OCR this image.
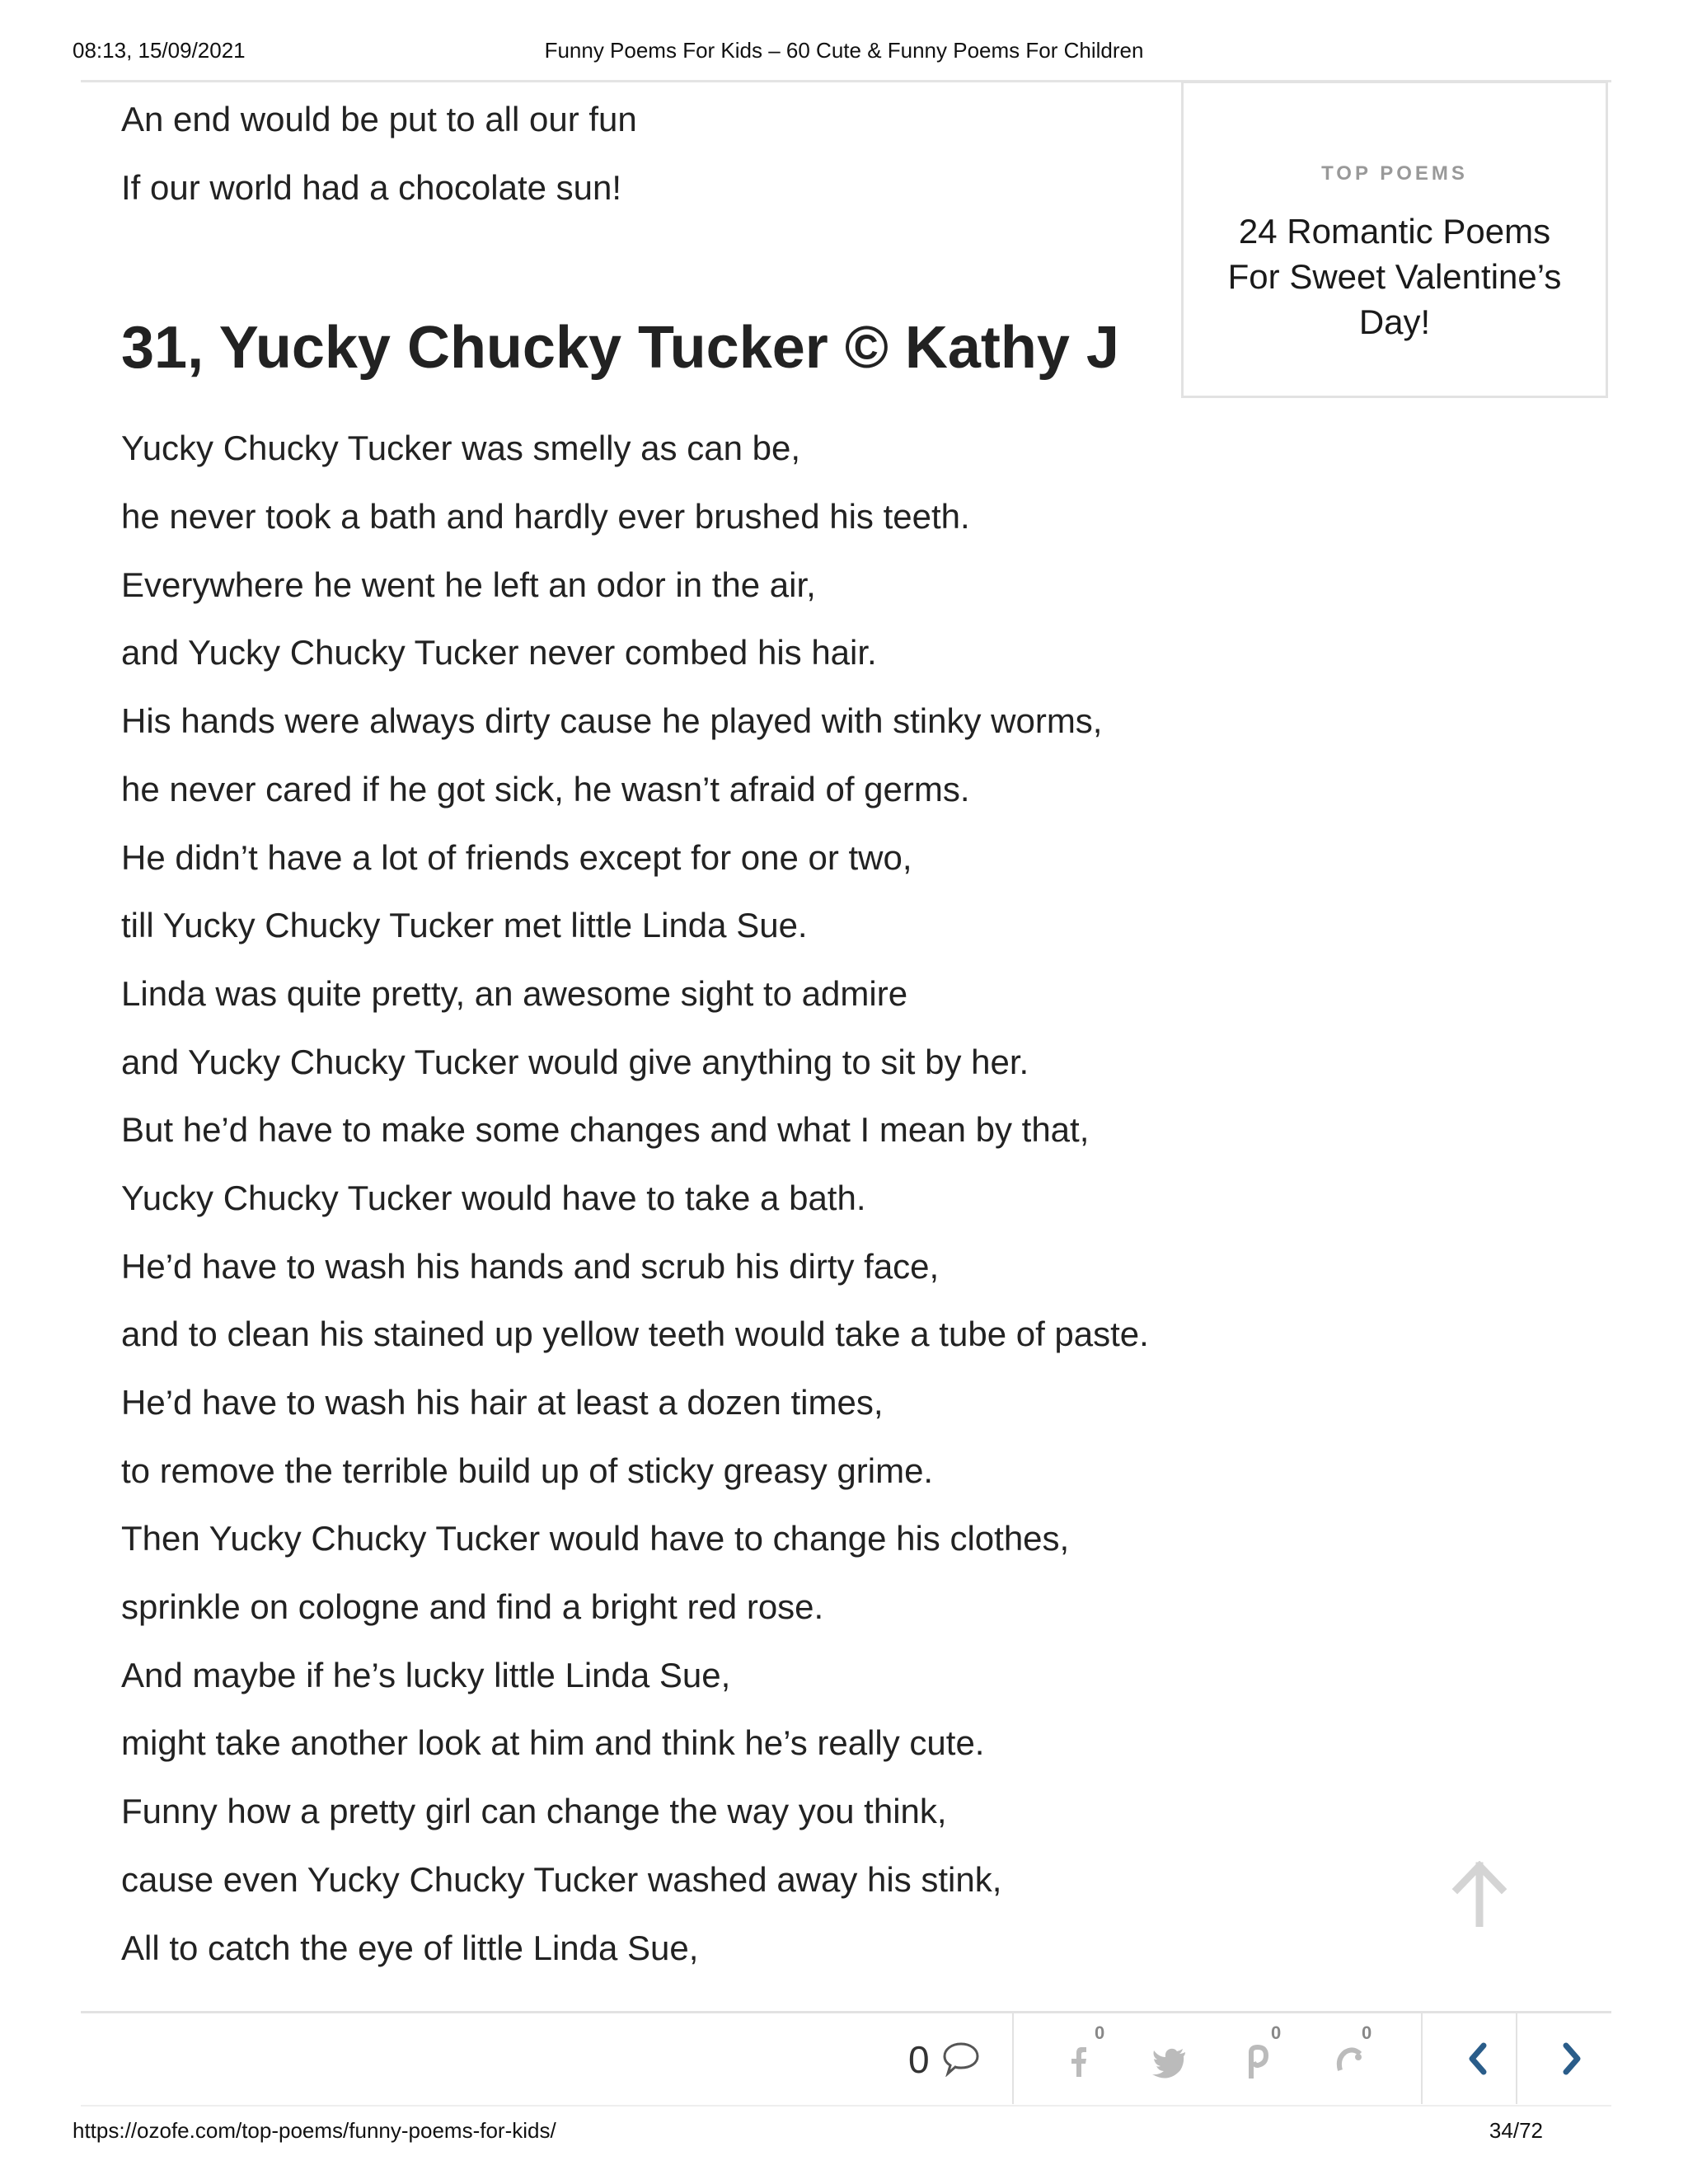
08:13, 15/09/2021	Funny Poems For Kids – 60 Cute & Funny Poems For Children
An end would be put to all our fun
If our world had a chocolate sun!
31, Yucky Chucky Tucker © Kathy J
Yucky Chucky Tucker was smelly as can be,
he never took a bath and hardly ever brushed his teeth.
Everywhere he went he left an odor in the air,
and Yucky Chucky Tucker never combed his hair.
His hands were always dirty cause he played with stinky worms,
he never cared if he got sick, he wasn’t afraid of germs.
He didn’t have a lot of friends except for one or two,
till Yucky Chucky Tucker met little Linda Sue.
Linda was quite pretty, an awesome sight to admire
and Yucky Chucky Tucker would give anything to sit by her.
But he’d have to make some changes and what I mean by that,
Yucky Chucky Tucker would have to take a bath.
He’d have to wash his hands and scrub his dirty face,
and to clean his stained up yellow teeth would take a tube of paste.
He’d have to wash his hair at least a dozen times,
to remove the terrible build up of sticky greasy grime.
Then Yucky Chucky Tucker would have to change his clothes,
sprinkle on cologne and find a bright red rose.
And maybe if he’s lucky little Linda Sue,
might take another look at him and think he’s really cute.
Funny how a pretty girl can change the way you think,
cause even Yucky Chucky Tucker washed away his stink,
All to catch the eye of little Linda Sue,
TOP POEMS
24 Romantic Poems For Sweet Valentine’s Day!
0
0	0	0
https://ozofe.com/top-poems/funny-poems-for-kids/	34/72
